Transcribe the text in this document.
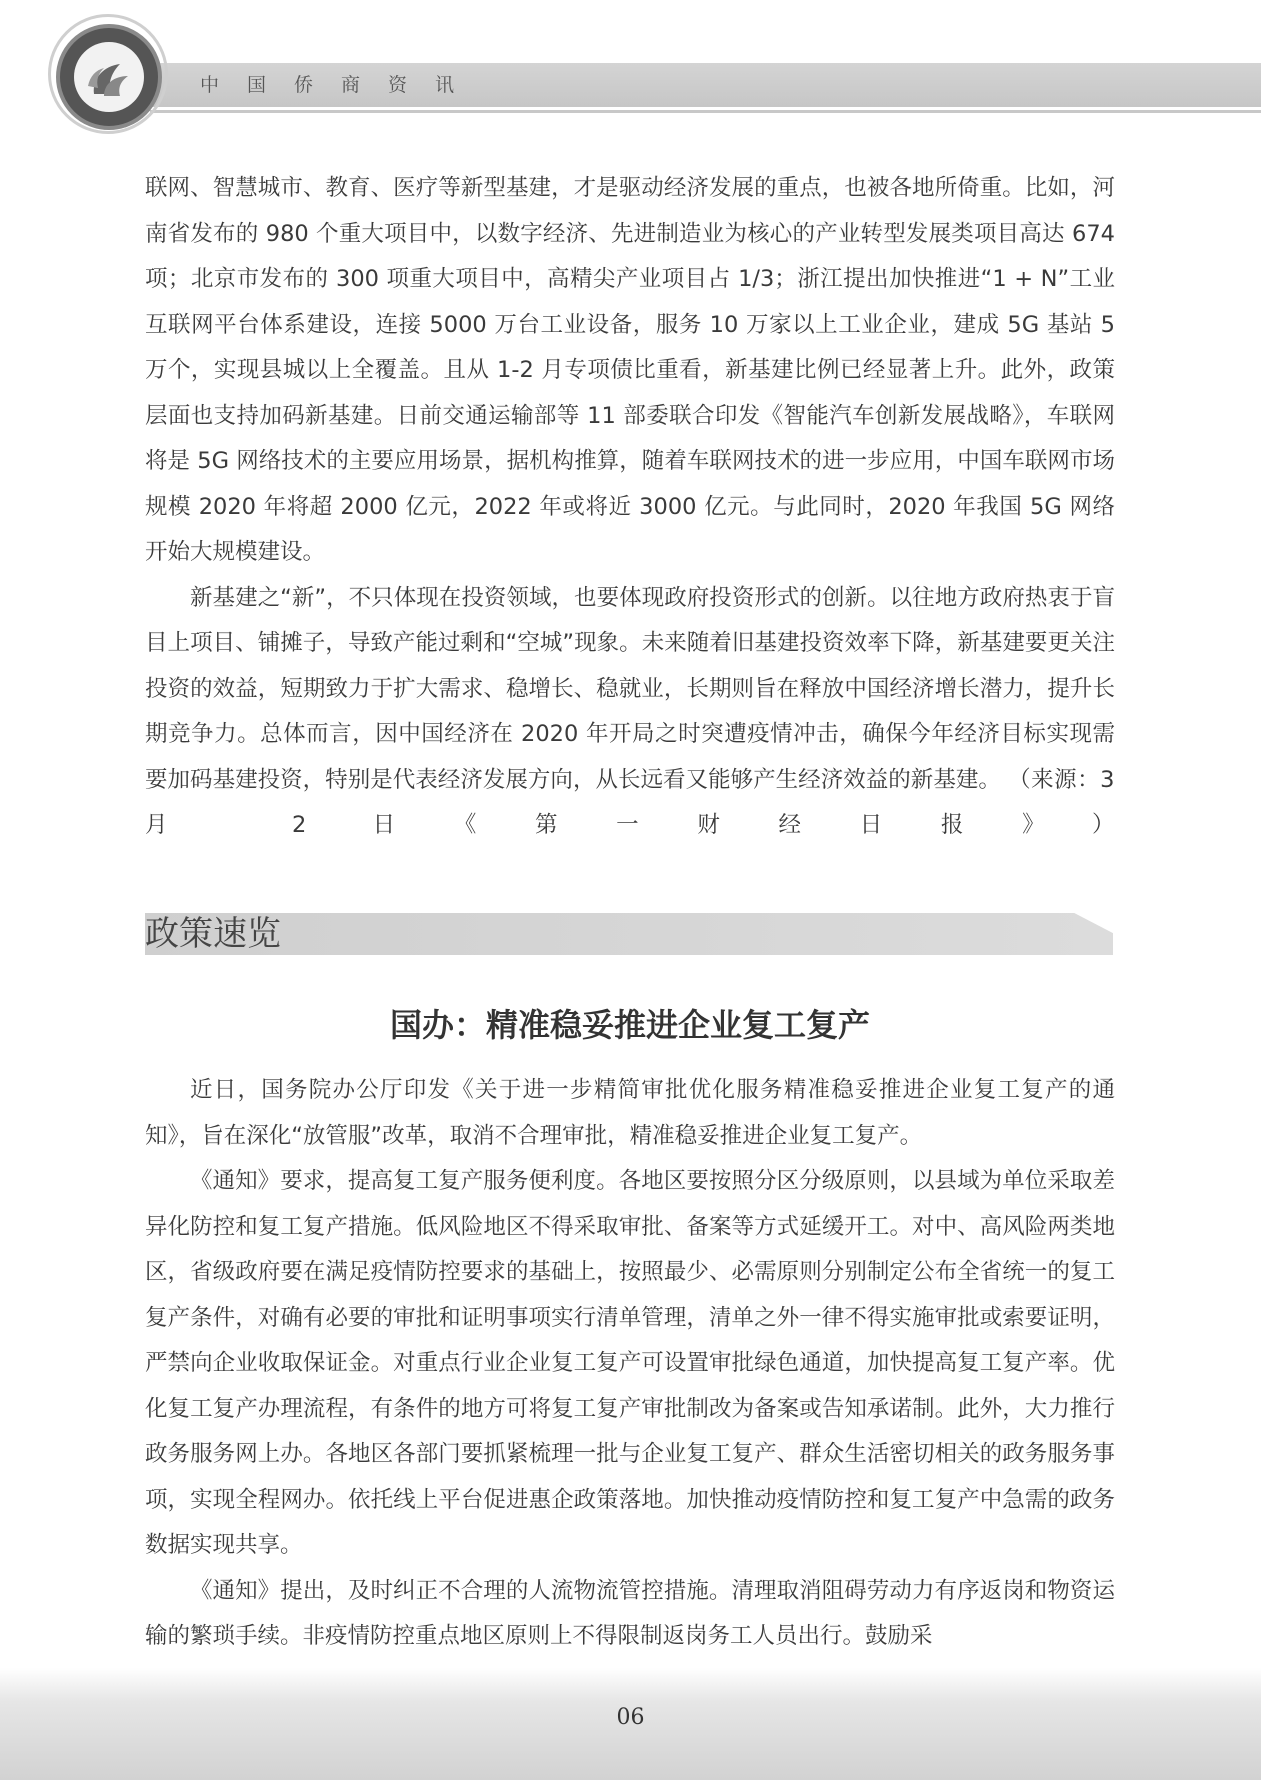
中国侨商资讯

联网、智慧城市、教育、医疗等新型基建，才是驱动经济发展的重点，也被各地所倚重。比如，河南省发布的 980 个重大项目中，以数字经济、先进制造业为核心的产业转型发展类项目高达 674 项；北京市发布的 300 项重大项目中，高精尖产业项目占 1/3；浙江提出加快推进“1 + N”工业互联网平台体系建设，连接 5000 万台工业设备，服务 10 万家以上工业企业，建成 5G 基站 5 万个，实现县城以上全覆盖。且从 1-2 月专项债比重看，新基建比例已经显著上升。此外，政策层面也支持加码新基建。日前交通运输部等 11 部委联合印发《智能汽车创新发展战略》，车联网将是 5G 网络技术的主要应用场景，据机构推算，随着车联网技术的进一步应用，中国车联网市场规模 2020 年将超 2000 亿元，2022 年或将近 3000 亿元。与此同时，2020 年我国 5G 网络开始大规模建设。

新基建之“新”，不只体现在投资领域，也要体现政府投资形式的创新。以往地方政府热衷于盲目上项目、铺摊子，导致产能过剩和“空城”现象。未来随着旧基建投资效率下降，新基建要更关注投资的效益，短期致力于扩大需求、稳增长、稳就业，长期则旨在释放中国经济增长潜力，提升长期竞争力。总体而言，因中国经济在 2020 年开局之时突遭疫情冲击，确保今年经济目标实现需要加码基建投资，特别是代表经济发展方向，从长远看又能够产生经济效益的新基建。 （来源：3 月 2 日《第一财经日报》）

政策速览
国办：精准稳妥推进企业复工复产

近日，国务院办公厅印发《关于进一步精简审批优化服务精准稳妥推进企业复工复产的通知》，旨在深化“放管服”改革，取消不合理审批，精准稳妥推进企业复工复产。

《通知》要求，提高复工复产服务便利度。各地区要按照分区分级原则，以县域为单位采取差异化防控和复工复产措施。低风险地区不得采取审批、备案等方式延缓开工。对中、高风险两类地区，省级政府要在满足疫情防控要求的基础上，按照最少、必需原则分别制定公布全省统一的复工复产条件，对确有必要的审批和证明事项实行清单管理，清单之外一律不得实施审批或索要证明，严禁向企业收取保证金。对重点行业企业复工复产可设置审批绿色通道，加快提高复工复产率。优化复工复产办理流程，有条件的地方可将复工复产审批制改为备案或告知承诺制。此外，大力推行政务服务网上办。各地区各部门要抓紧梳理一批与企业复工复产、群众生活密切相关的政务服务事项，实现全程网办。依托线上平台促进惠企政策落地。加快推动疫情防控和复工复产中急需的政务数据实现共享。

《通知》提出，及时纠正不合理的人流物流管控措施。清理取消阻碍劳动力有序返岗和物资运输的繁琐手续。非疫情防控重点地区原则上不得限制返岗务工人员出行。鼓励采

06
